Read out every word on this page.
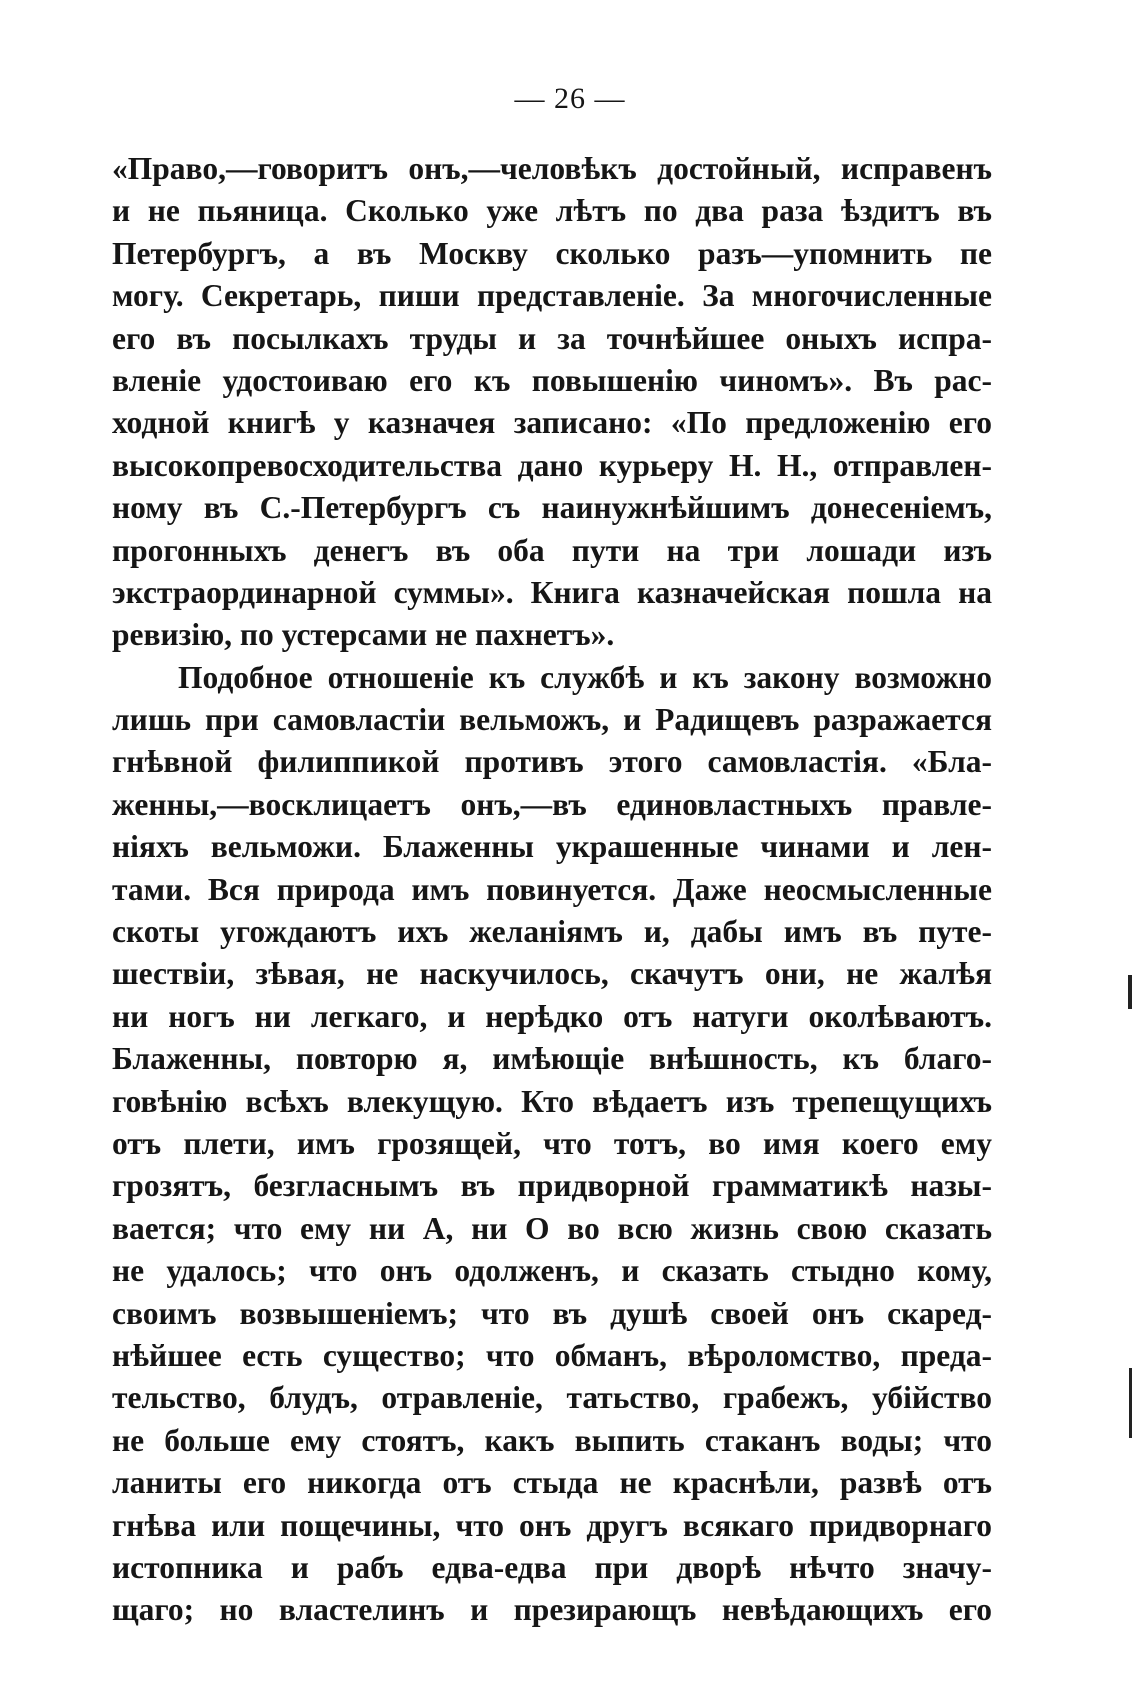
— 26 —
«Право,—говоритъ онъ,—человѣкъ достойный, исправенъ
и не пьяница. Сколько уже лѣтъ по два раза ѣздитъ въ
Петербургъ, а въ Москву сколько разъ—упомнить пе
могу. Секретарь, пиши представленіе. За многочисленные
его въ посылкахъ труды и за точнѣйшее оныхъ испра-
вленіе удостоиваю его къ повышенію чиномъ». Въ рас-
ходной книгѣ у казначея записано: «По предложенію его
высокопревосходительства дано курьеру Н. Н., отправлен-
ному въ С.-Петербургъ съ наинужнѣйшимъ донесеніемъ,
прогонныхъ денегъ въ оба пути на три лошади изъ
экстраординарной суммы». Книга казначейская пошла на
ревизію, по устерсами не пахнетъ».
Подобное отношеніе къ службѣ и къ закону возможно
лишь при самовластіи вельможъ, и Радищевъ разражается
гнѣвной филиппикой противъ этого самовластія. «Бла-
женны,—восклицаетъ онъ,—въ единовластныхъ правле-
ніяхъ вельможи. Блаженны украшенные чинами и лен-
тами. Вся природа имъ повинуется. Даже неосмысленные
скоты угождаютъ ихъ желаніямъ и, дабы имъ въ путе-
шествіи, зѣвая, не наскучилось, скачутъ они, не жалѣя
ни ногъ ни легкаго, и нерѣдко отъ натуги околѣваютъ.
Блаженны, повторю я, имѣющіе внѣшность, къ благо-
говѣнію всѣхъ влекущую. Кто вѣдаетъ изъ трепещущихъ
отъ плети, имъ грозящей, что тотъ, во имя коего ему
грозятъ, безгласнымъ въ придворной грамматикѣ назы-
вается; что ему ни А, ни О во всю жизнь свою сказать
не удалось; что онъ одолженъ, и сказать стыдно кому,
своимъ возвышеніемъ; что въ душѣ своей онъ скаред-
нѣйшее есть существо; что обманъ, вѣроломство, преда-
тельство, блудъ, отравленіе, татьство, грабежъ, убійство
не больше ему стоятъ, какъ выпить стаканъ воды; что
ланиты его никогда отъ стыда не краснѣли, развѣ отъ
гнѣва или пощечины, что онъ другъ всякаго придворнаго
истопника и рабъ едва-едва при дворѣ нѣчто значу-
щаго; но властелинъ и презирающъ невѣдающихъ его
